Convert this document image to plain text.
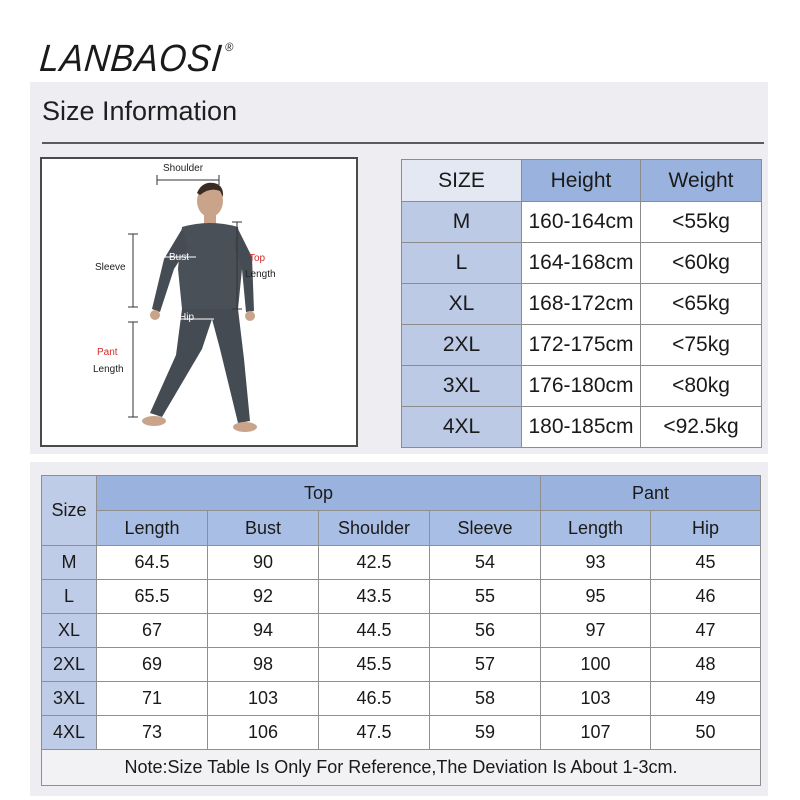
LANBAOSI®
Size Information
Shoulder
Sleeve
Bust	Top
Length
Hip
Pant
Length
SIZE	Height	Weight
M	160-164cm	<55kg
L	164-168cm	<60kg
XL	168-172cm	<65kg
2XL	172-175cm	<75kg
3XL	176-180cm	<80kg
4XL	180-185cm	<92.5kg
Size	Top				Pant	
	Length	Bust	Shoulder	Sleeve	Length	Hip
M	64.5	90	42.5	54	93	45
L	65.5	92	43.5	55	95	46
XL	67	94	44.5	56	97	47
2XL	69	98	45.5	57	100	48
3XL	71	103	46.5	58	103	49
4XL	73	106	47.5	59	107	50
Note:Size Table Is Only For Reference,The Deviation Is About 1-3cm.						
